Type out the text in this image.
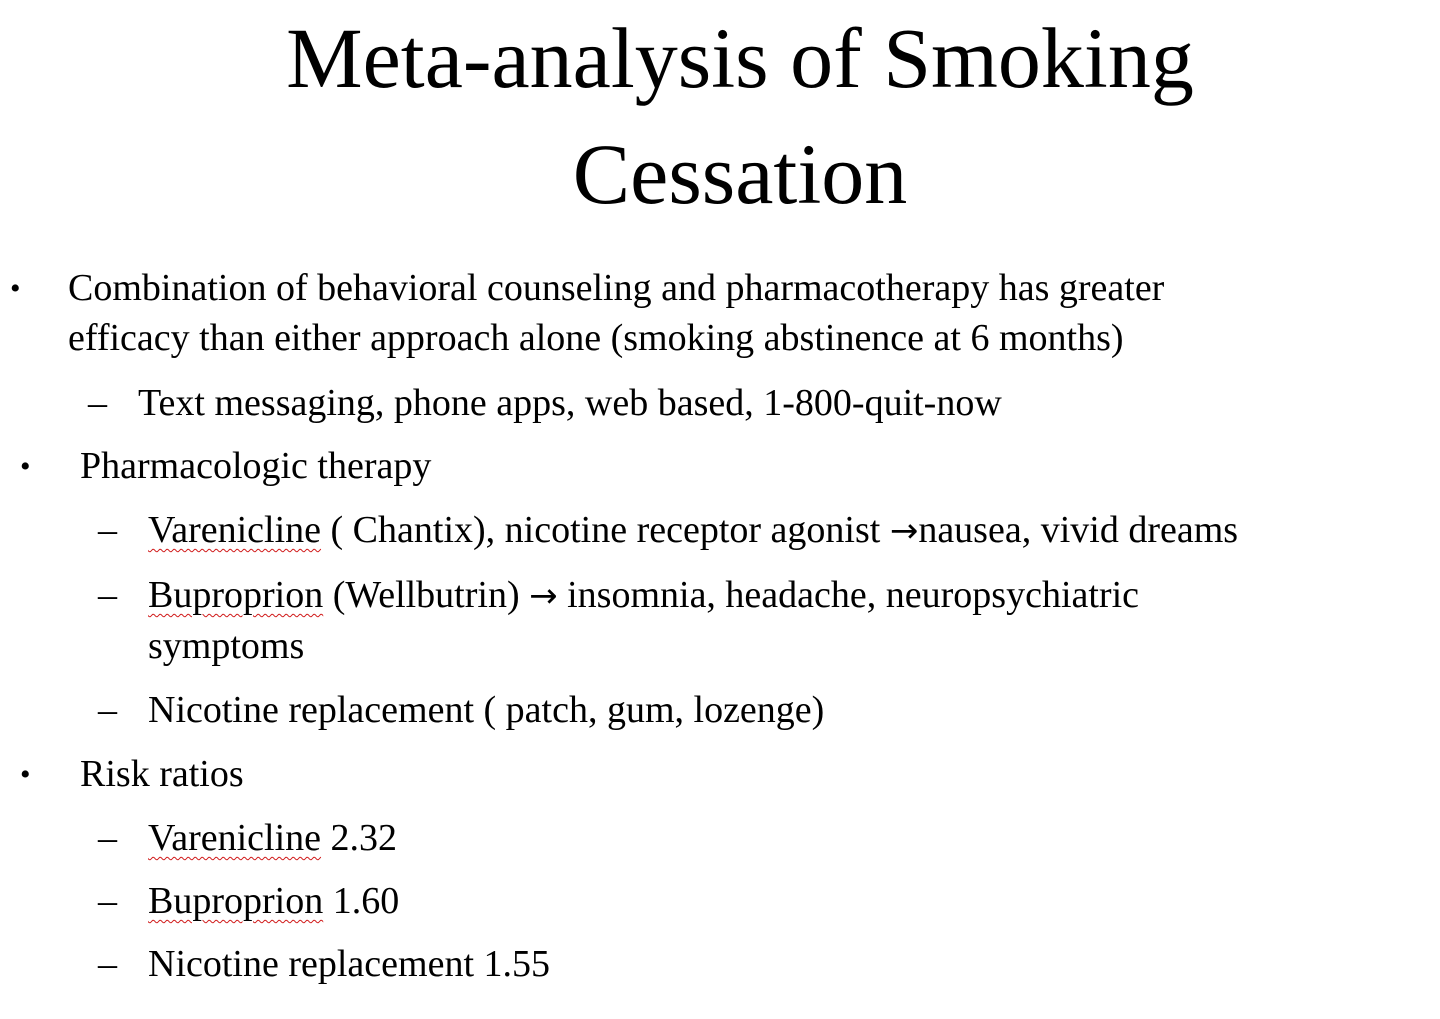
Meta-analysis of Smoking
Cessation
• Combination of behavioral counseling and pharmacotherapy has greater
efficacy than either approach alone (smoking abstinence at 6 months)
– Text messaging, phone apps, web based, 1-800-quit-now
• Pharmacologic therapy
– Varenicline ( Chantix), nicotine receptor agonist →nausea, vivid dreams
– Buproprion (Wellbutrin) → insomnia, headache, neuropsychiatric
symptoms
– Nicotine replacement ( patch, gum, lozenge)
• Risk ratios
– Varenicline 2.32
– Buproprion 1.60
– Nicotine replacement 1.55
